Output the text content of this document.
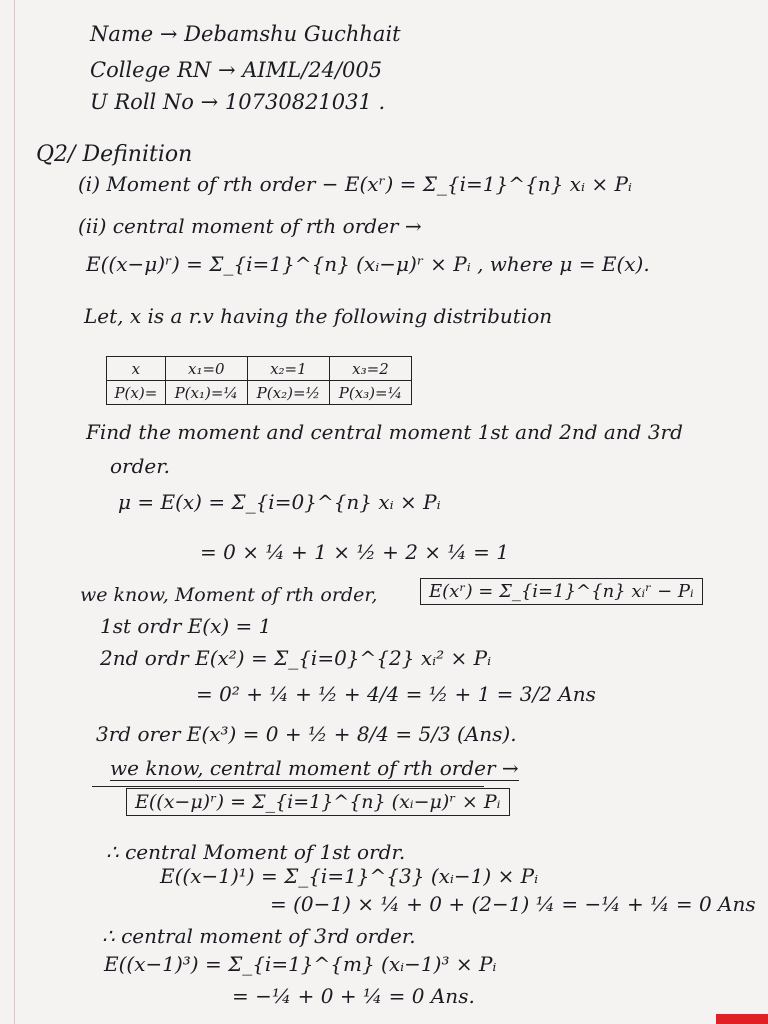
Name → Debamshu Guchhait
College RN → AIML/24/005
U Roll No → 10730821031 .
Q2/ Definition
(i) Moment of rth order − E(xʳ) = Σ_{i=1}^{n} xᵢ × Pᵢ
(ii) central moment of rth order →
E((x−μ)ʳ) = Σ_{i=1}^{n} (xᵢ−μ)ʳ × Pᵢ , where μ = E(x).
Let, x is a r.v having the following distribution
x	x₁=0	x₂=1	x₃=2
P(x)=	P(x₁)=¼	P(x₂)=½	P(x₃)=¼
Find the moment and central moment 1st and 2nd and 3rd
order.
μ = E(x) = Σ_{i=0}^{n} xᵢ × Pᵢ
= 0 × ¼ + 1 × ½ + 2 × ¼ = 1
we know, Moment of rth order,	E(xʳ) = Σ_{i=1}^{n} xᵢʳ − Pᵢ
1st ordr E(x) = 1
2nd ordr E(x²) = Σ_{i=0}^{2} xᵢ² × Pᵢ
= 0² + ¼ + ½ + 4/4 = ½ + 1 = 3/2 Ans
3rd orer E(x³) = 0 + ½ + 8/4 = 5/3 (Ans).
we know, central moment of rth order →
E((x−μ)ʳ) = Σ_{i=1}^{n} (xᵢ−μ)ʳ × Pᵢ
∴ central Moment of 1st ordr.
E((x−1)¹) = Σ_{i=1}^{3} (xᵢ−1) × Pᵢ
= (0−1) × ¼ + 0 + (2−1) ¼ = −¼ + ¼ = 0 Ans
∴ central moment of 3rd order.
E((x−1)³) = Σ_{i=1}^{m} (xᵢ−1)³ × Pᵢ
= −¼ + 0 + ¼ = 0 Ans.
